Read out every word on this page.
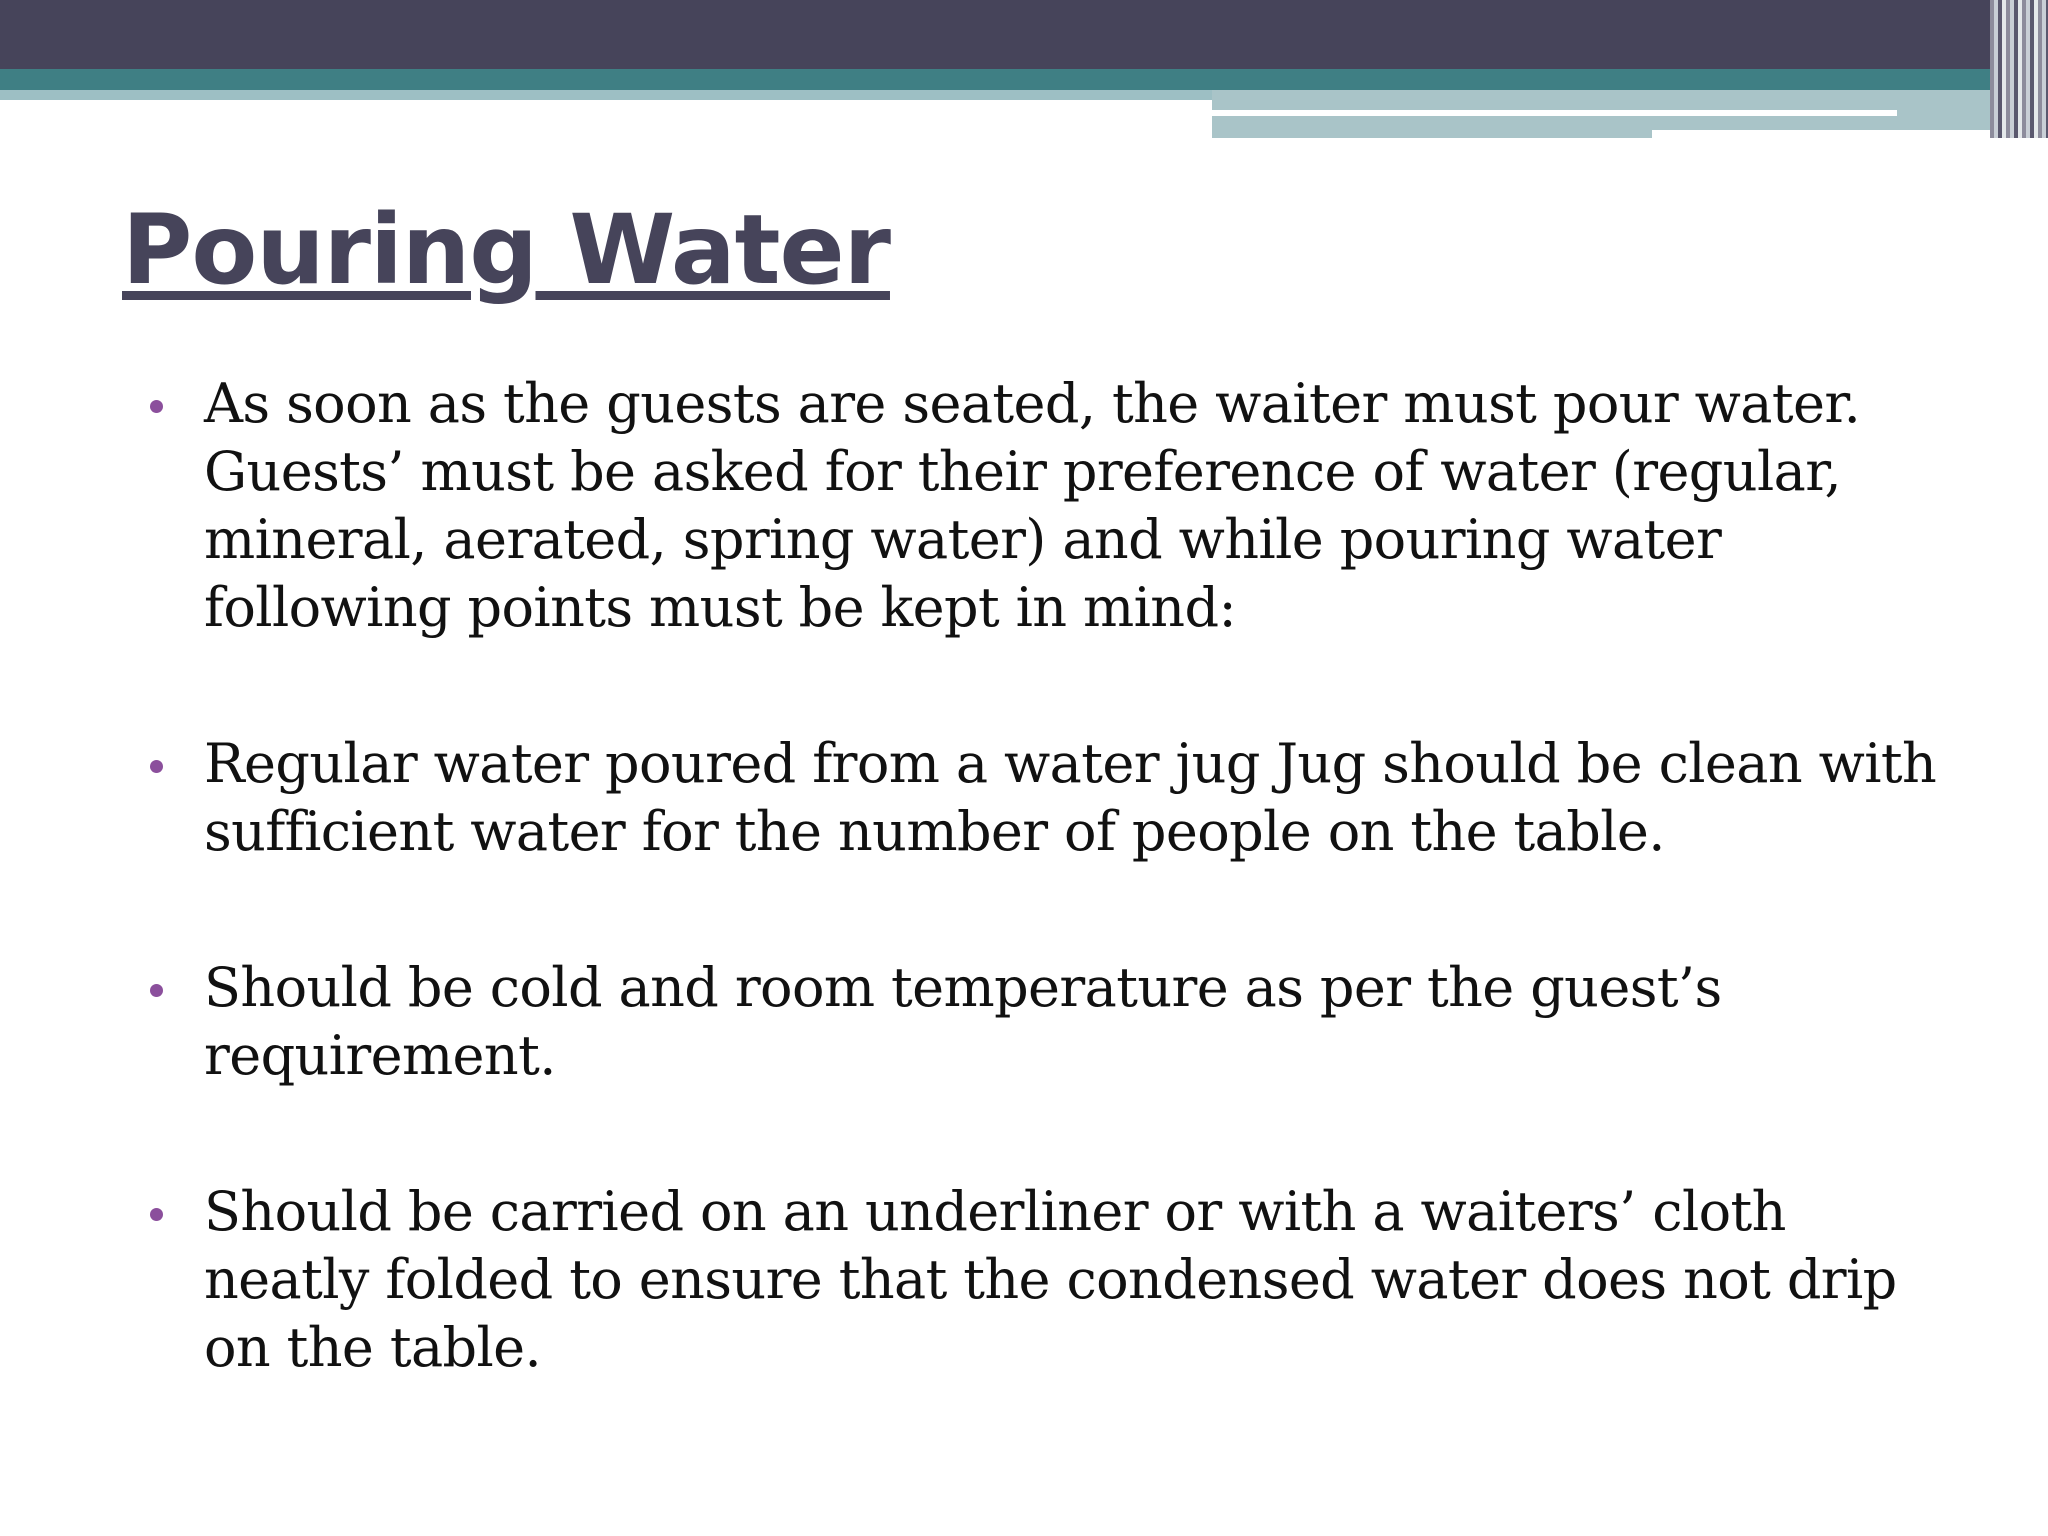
Pouring Water
As soon as the guests are seated, the waiter must pour water. Guests’ must be asked for their preference of water (regular, mineral, aerated, spring water) and while pouring water following points must be kept in mind:
Regular water poured from a water jug Jug should be clean with sufficient water for the number of people on the table.
Should be cold and room temperature as per the guest’s requirement.
Should be carried on an underliner or with a waiters’ cloth neatly folded to ensure that the condensed water does not drip on the table.
